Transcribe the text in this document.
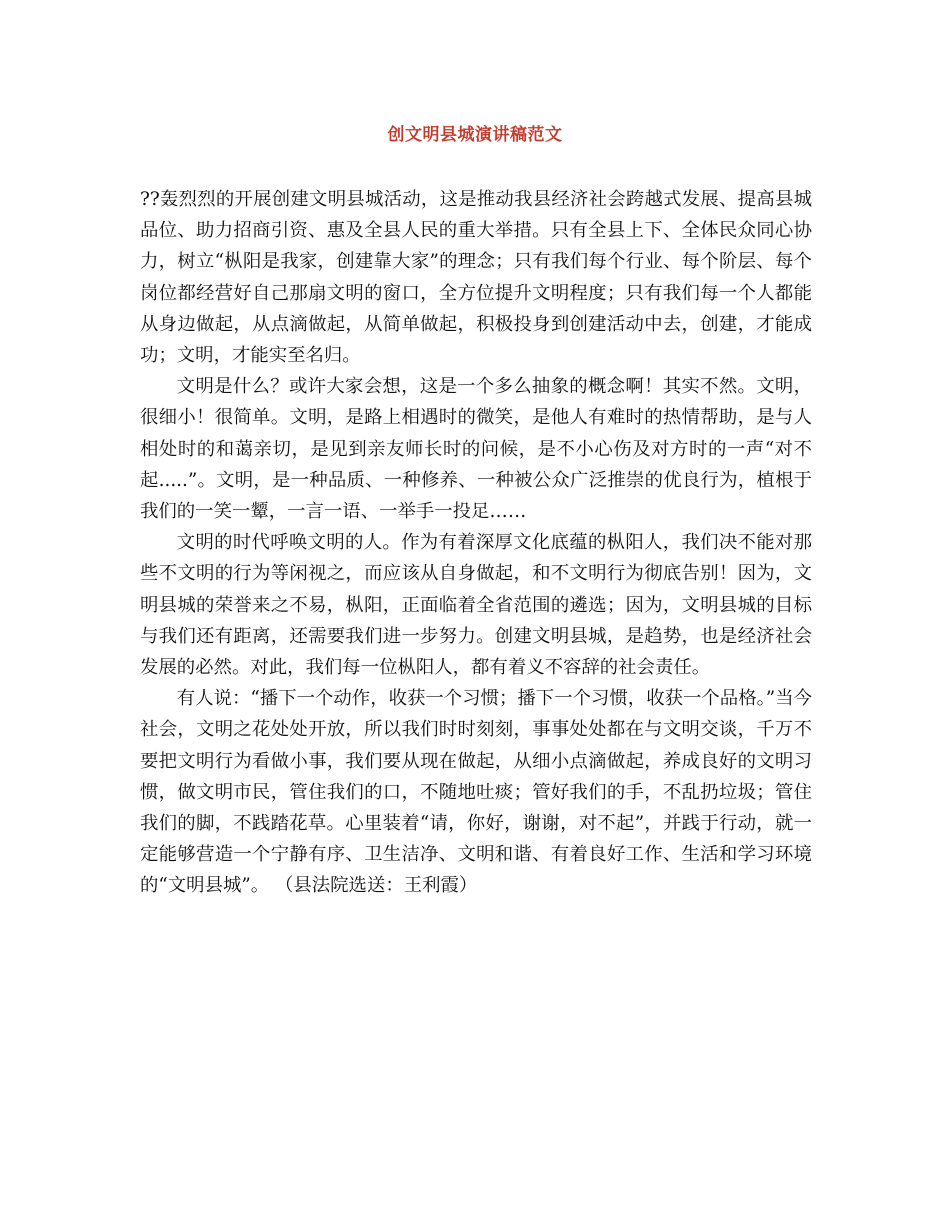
创文明县城演讲稿范文

??轰烈烈的开展创建文明县城活动，这是推动我县经济社会跨越式发展、提高县城品位、助力招商引资、惠及全县人民的重大举措。只有全县上下、全体民众同心协力，树立“枞阳是我家，创建靠大家”的理念；只有我们每个行业、每个阶层、每个岗位都经营好自己那扇文明的窗口，全方位提升文明程度；只有我们每一个人都能从身边做起，从点滴做起，从简单做起，积极投身到创建活动中去，创建，才能成功；文明，才能实至名归。

文明是什么？或许大家会想，这是一个多么抽象的概念啊！其实不然。文明，很细小！很简单。文明，是路上相遇时的微笑，是他人有难时的热情帮助，是与人相处时的和蔼亲切，是见到亲友师长时的问候，是不小心伤及对方时的一声“对不起.....”。文明，是一种品质、一种修养、一种被公众广泛推崇的优良行为，植根于我们的一笑一颦，一言一语、一举手一投足……

文明的时代呼唤文明的人。作为有着深厚文化底蕴的枞阳人，我们决不能对那些不文明的行为等闲视之，而应该从自身做起，和不文明行为彻底告别！因为，文明县城的荣誉来之不易，枞阳，正面临着全省范围的遴选；因为，文明县城的目标与我们还有距离，还需要我们进一步努力。创建文明县城，是趋势，也是经济社会发展的必然。对此，我们每一位枞阳人，都有着义不容辞的社会责任。

有人说：“播下一个动作，收获一个习惯；播下一个习惯，收获一个品格。”当今社会，文明之花处处开放，所以我们时时刻刻，事事处处都在与文明交谈，千万不要把文明行为看做小事，我们要从现在做起，从细小点滴做起，养成良好的文明习惯，做文明市民，管住我们的口，不随地吐痰；管好我们的手，不乱扔垃圾；管住我们的脚，不践踏花草。心里装着“请，你好，谢谢，对不起”，并践于行动，就一定能够营造一个宁静有序、卫生洁净、文明和谐、有着良好工作、生活和学习环境的“文明县城”。 （县法院选送：王利霞）
